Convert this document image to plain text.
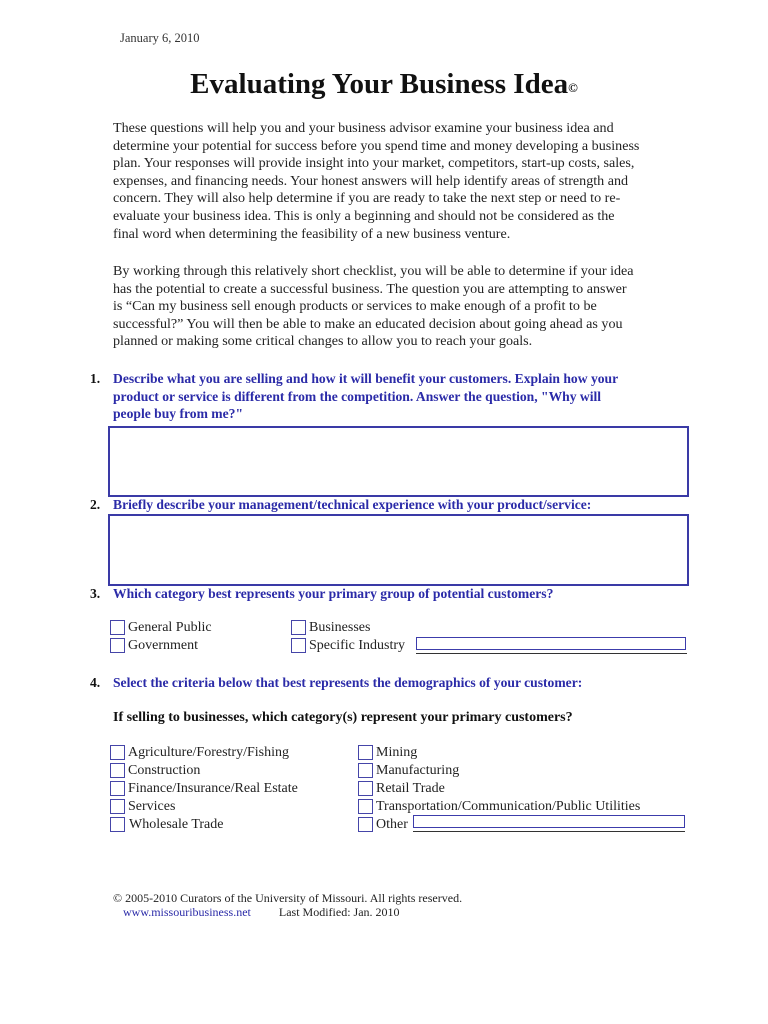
January 6, 2010
Evaluating Your Business Idea©
These questions will help you and your business advisor examine your business idea and
determine your potential for success before you spend time and money developing a business
plan. Your responses will provide insight into your market, competitors, start-up costs, sales,
expenses, and financing needs. Your honest answers will help identify areas of strength and
concern. They will also help determine if you are ready to take the next step or need to re-
evaluate your business idea. This is only a beginning and should not be considered as the
final word when determining the feasibility of a new business venture.
By working through this relatively short checklist, you will be able to determine if your idea
has the potential to create a successful business. The question you are attempting to answer
is “Can my business sell enough products or services to make enough of a profit to be
successful?” You will then be able to make an educated decision about going ahead as you
planned or making some critical changes to allow you to reach your goals.
1. Describe what you are selling and how it will benefit your customers. Explain how your
product or service is different from the competition. Answer the question, "Why will
people buy from me?"
2. Briefly describe your management/technical experience with your product/service:
3. Which category best represents your primary group of potential customers?
General Public
Government
Businesses
Specific Industry
4. Select the criteria below that best represents the demographics of your customer:
If selling to businesses, which category(s) represent your primary customers?
Agriculture/Forestry/Fishing
Construction
Finance/Insurance/Real Estate
Services
Wholesale Trade
Mining
Manufacturing
Retail Trade
Transportation/Communication/Public Utilities
Other
© 2005-2010 Curators of the University of Missouri. All rights reserved.
www.missouribusiness.net Last Modified: Jan. 2010
